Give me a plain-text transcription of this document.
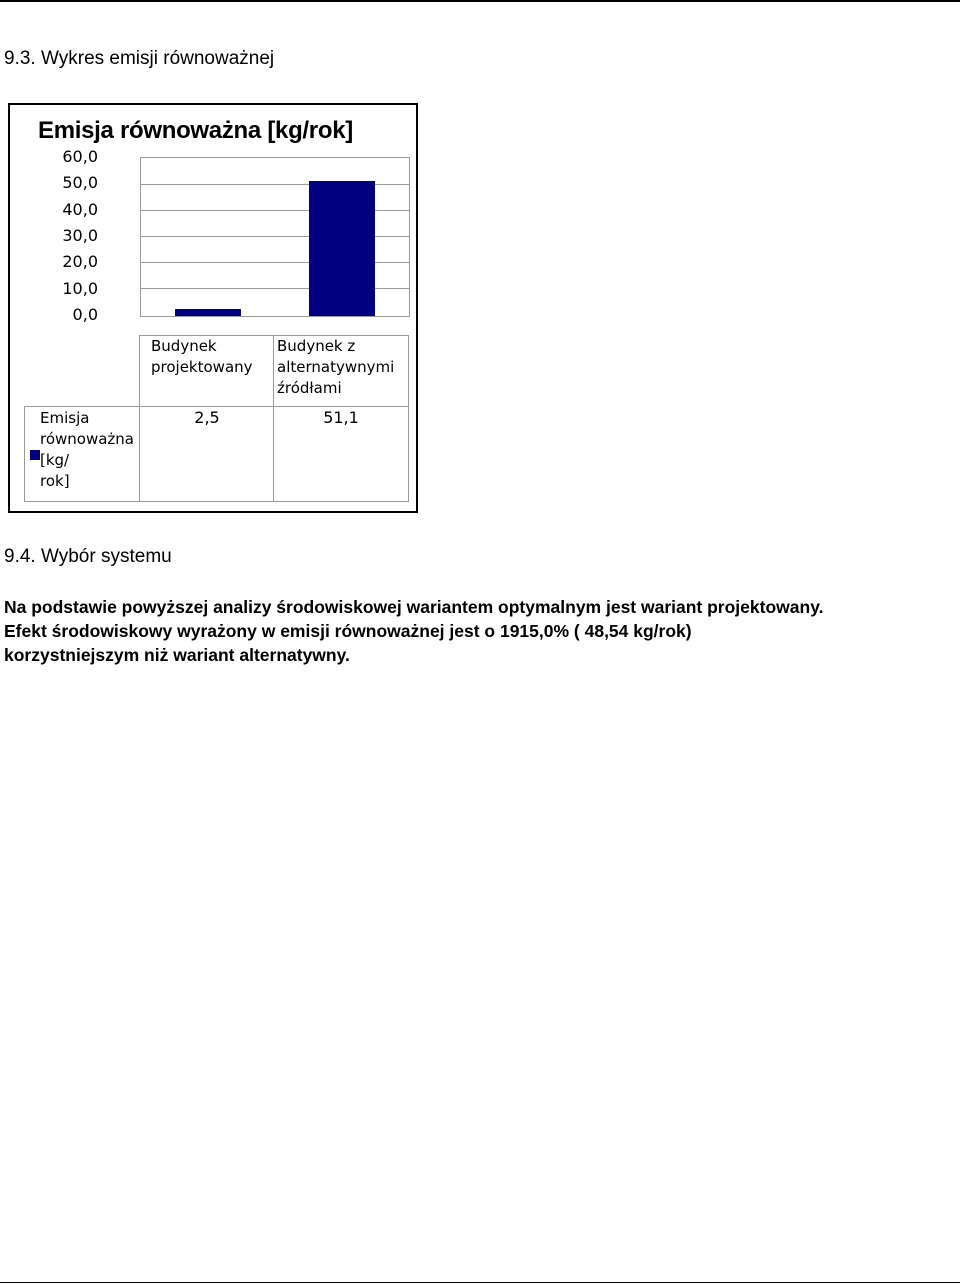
9.3. Wykres emisji równoważnej
Emisja równoważna [kg/rok]
60,0
50,0
40,0
30,0
20,0
10,0
0,0
Budynek
projektowany
Budynek z
alternatywnymi
źródłami
Emisja
równoważna
[kg/
rok]
2,5	51,1
9.4. Wybór systemu
Na podstawie powyższej analizy środowiskowej wariantem optymalnym jest wariant projektowany.
Efekt środowiskowy wyrażony w emisji równoważnej jest o 1915,0% ( 48,54 kg/rok)
korzystniejszym niż wariant alternatywny.
